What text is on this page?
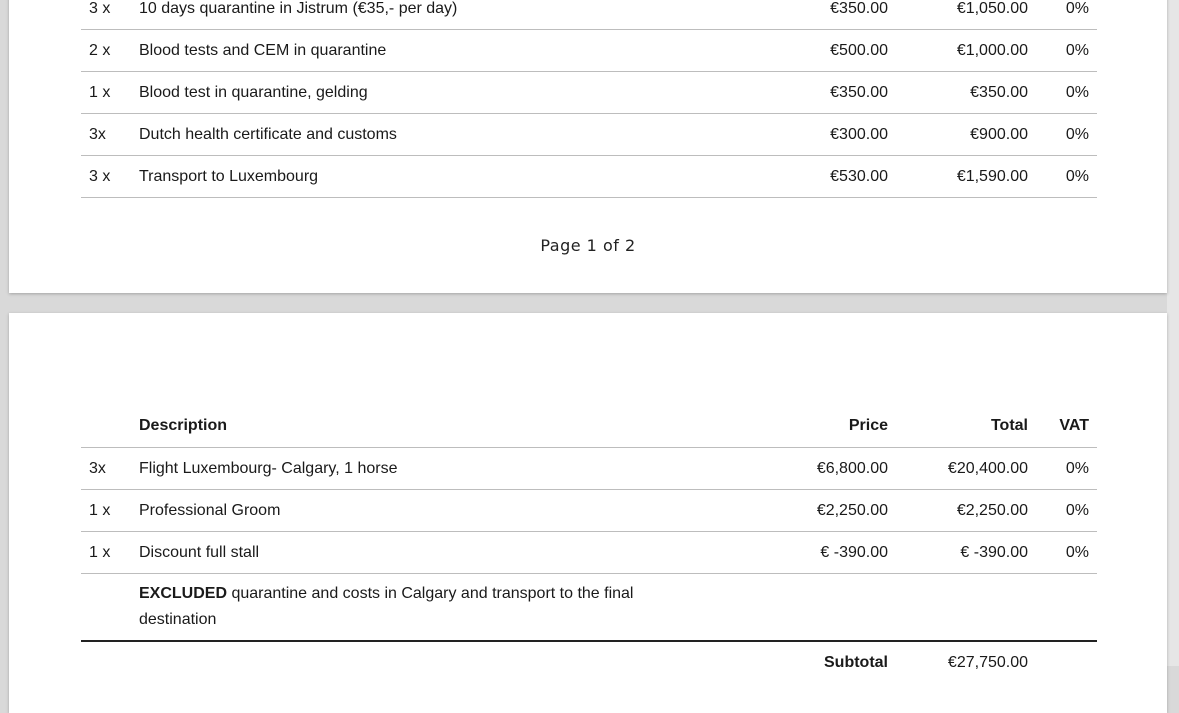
3 x	10 days quarantine in Jistrum (€35,- per day)	€350.00	€1,050.00	0%
2 x	Blood tests and CEM in quarantine	€500.00	€1,000.00	0%
1 x	Blood test in quarantine, gelding	€350.00	€350.00	0%
3x	Dutch health certificate and customs	€300.00	€900.00	0%
3 x	Transport to Luxembourg	€530.00	€1,590.00	0%
Page 1 of 2
	Description	Price	Total	VAT
3x	Flight Luxembourg- Calgary, 1 horse	€6,800.00	€20,400.00	0%
1 x	Professional Groom	€2,250.00	€2,250.00	0%
1 x	Discount full stall	€ -390.00	€ -390.00	0%

	EXCLUDED quarantine and costs in Calgary and transport to the final destination			

		Subtotal	€27,750.00	
